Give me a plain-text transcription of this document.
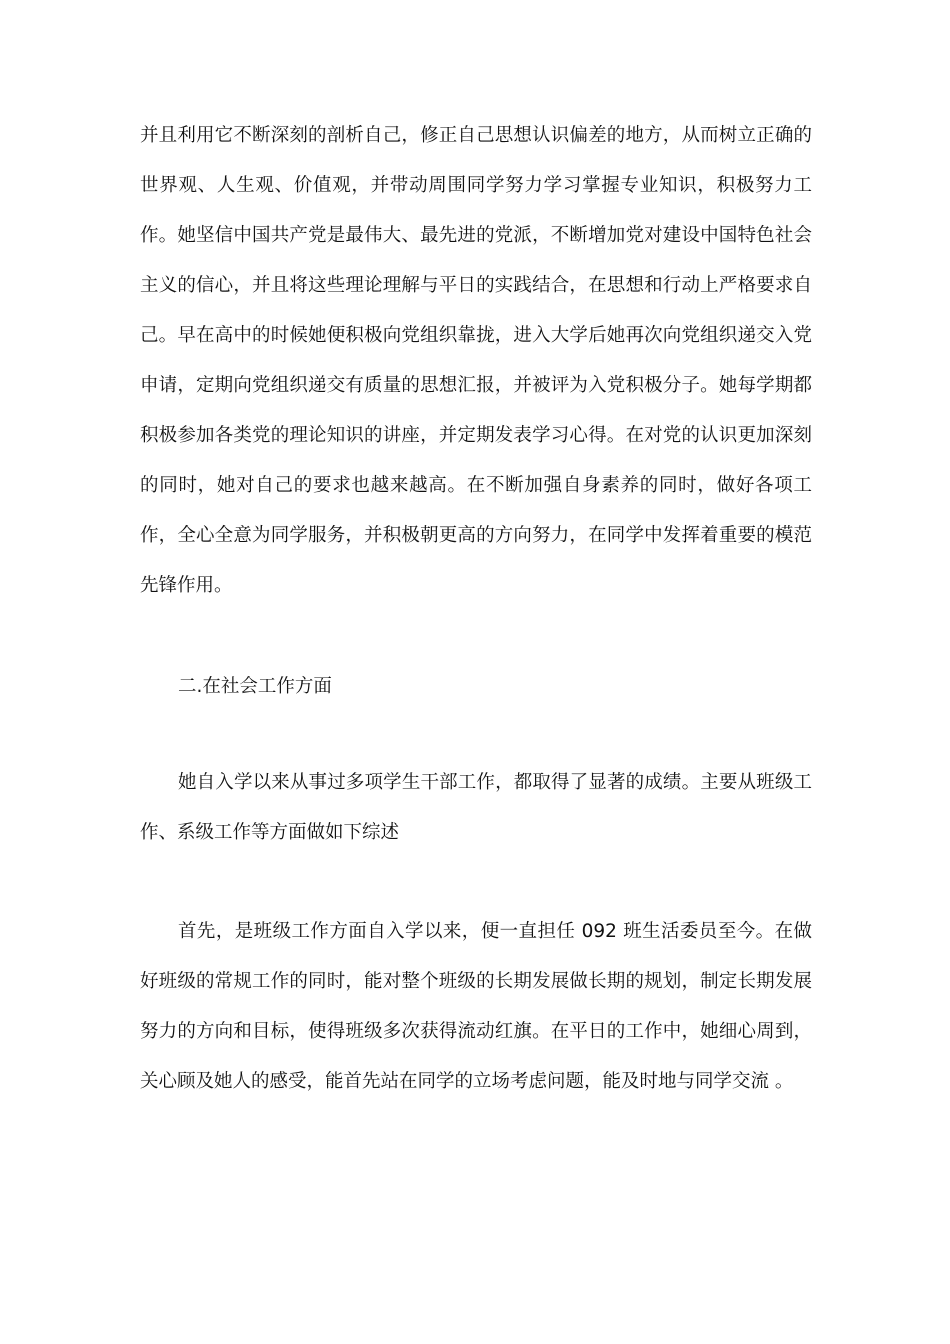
并且利用它不断深刻的剖析自己，修正自己思想认识偏差的地方，从而树立正确的世界观、人生观、价值观，并带动周围同学努力学习掌握专业知识，积极努力工作。她坚信中国共产党是最伟大、最先进的党派，不断增加党对建设中国特色社会主义的信心，并且将这些理论理解与平日的实践结合，在思想和行动上严格要求自己。早在高中的时候她便积极向党组织靠拢，进入大学后她再次向党组织递交入党申请，定期向党组织递交有质量的思想汇报，并被评为入党积极分子。她每学期都积极参加各类党的理论知识的讲座，并定期发表学习心得。在对党的认识更加深刻的同时，她对自己的要求也越来越高。在不断加强自身素养的同时，做好各项工作，全心全意为同学服务，并积极朝更高的方向努力，在同学中发挥着重要的模范先锋作用。

二.在社会工作方面

她自入学以来从事过多项学生干部工作，都取得了显著的成绩。主要从班级工作、系级工作等方面做如下综述

首先，是班级工作方面自入学以来，便一直担任 092 班生活委员至今。在做好班级的常规工作的同时，能对整个班级的长期发展做长期的规划，制定长期发展努力的方向和目标，使得班级多次获得流动红旗。在平日的工作中，她细心周到，关心顾及她人的感受，能首先站在同学的立场考虑问题，能及时地与同学交流 。
